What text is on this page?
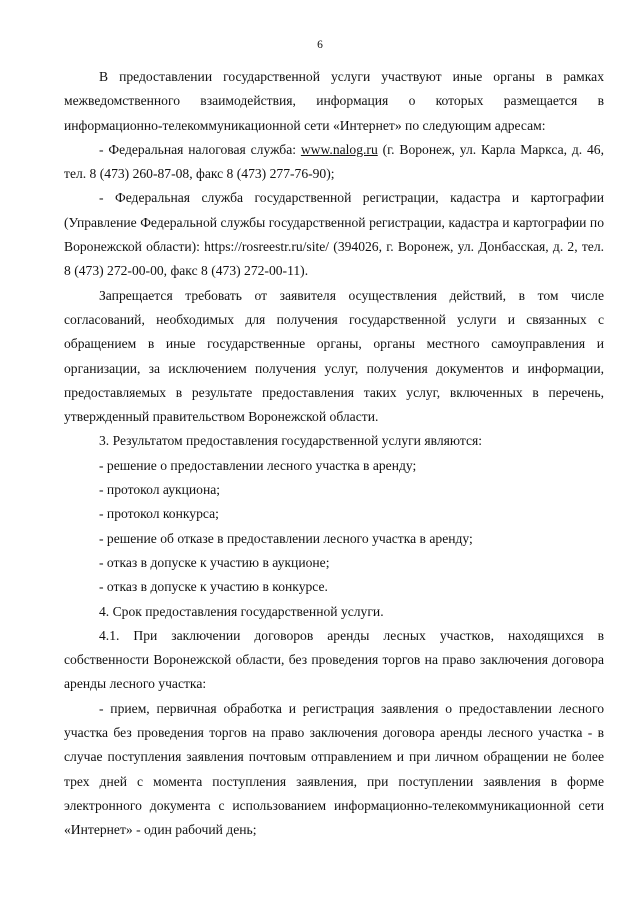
6

В предоставлении государственной услуги участвуют иные органы в рамках межведомственного взаимодействия, информация о которых размещается в информационно-телекоммуникационной сети «Интернет» по следующим адресам:

- Федеральная налоговая служба: www.nalog.ru (г. Воронеж, ул. Карла Маркса, д. 46, тел. 8 (473) 260-87-08, факс 8 (473) 277-76-90);

- Федеральная служба государственной регистрации, кадастра и картографии (Управление Федеральной службы государственной регистрации, кадастра и картографии по Воронежской области): https://rosreestr.ru/site/ (394026, г. Воронеж, ул. Донбасская, д. 2, тел. 8 (473) 272-00-00, факс 8 (473) 272-00-11).

Запрещается требовать от заявителя осуществления действий, в том числе согласований, необходимых для получения государственной услуги и связанных с обращением в иные государственные органы, органы местного самоуправления и организации, за исключением получения услуг, получения документов и информации, предоставляемых в результате предоставления таких услуг, включенных в перечень, утвержденный правительством Воронежской области.

3. Результатом предоставления государственной услуги являются:

- решение о предоставлении лесного участка в аренду;

- протокол аукциона;

- протокол конкурса;

- решение об отказе в предоставлении лесного участка в аренду;

- отказ в допуске к участию в аукционе;

- отказ в допуске к участию в конкурсе.

4. Срок предоставления государственной услуги.

4.1. При заключении договоров аренды лесных участков, находящихся в собственности Воронежской области, без проведения торгов на право заключения договора аренды лесного участка:

- прием, первичная обработка и регистрация заявления о предоставлении лесного участка без проведения торгов на право заключения договора аренды лесного участка - в случае поступления заявления почтовым отправлением и при личном обращении не более трех дней с момента поступления заявления, при поступлении заявления в форме электронного документа с использованием информационно-телекоммуникационной сети «Интернет» - один рабочий день;
